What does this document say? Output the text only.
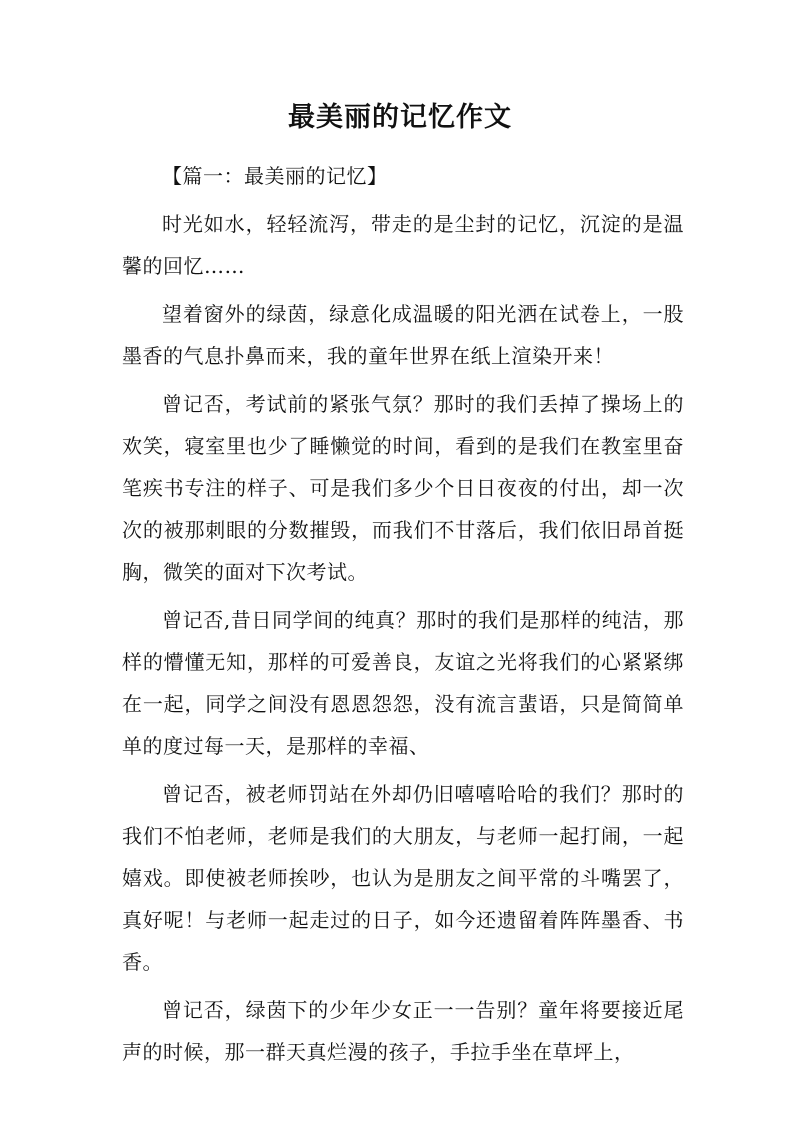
最美丽的记忆作文

【篇一：最美丽的记忆】

时光如水，轻轻流泻，带走的是尘封的记忆，沉淀的是温馨的回忆……

望着窗外的绿茵，绿意化成温暖的阳光洒在试卷上，一股墨香的气息扑鼻而来，我的童年世界在纸上渲染开来！

曾记否，考试前的紧张气氛？那时的我们丢掉了操场上的欢笑，寝室里也少了睡懒觉的时间，看到的是我们在教室里奋笔疾书专注的样子、可是我们多少个日日夜夜的付出，却一次次的被那刺眼的分数摧毁，而我们不甘落后，我们依旧昂首挺胸，微笑的面对下次考试。

曾记否,昔日同学间的纯真？那时的我们是那样的纯洁，那样的懵懂无知，那样的可爱善良，友谊之光将我们的心紧紧绑在一起，同学之间没有恩恩怨怨，没有流言蜚语，只是简简单单的度过每一天，是那样的幸福、

曾记否，被老师罚站在外却仍旧嘻嘻哈哈的我们？那时的我们不怕老师，老师是我们的大朋友，与老师一起打闹，一起嬉戏。即使被老师挨吵，也认为是朋友之间平常的斗嘴罢了，真好呢！与老师一起走过的日子，如今还遗留着阵阵墨香、书香。

曾记否，绿茵下的少年少女正一一告别？童年将要接近尾声的时候，那一群天真烂漫的孩子，手拉手坐在草坪上，
